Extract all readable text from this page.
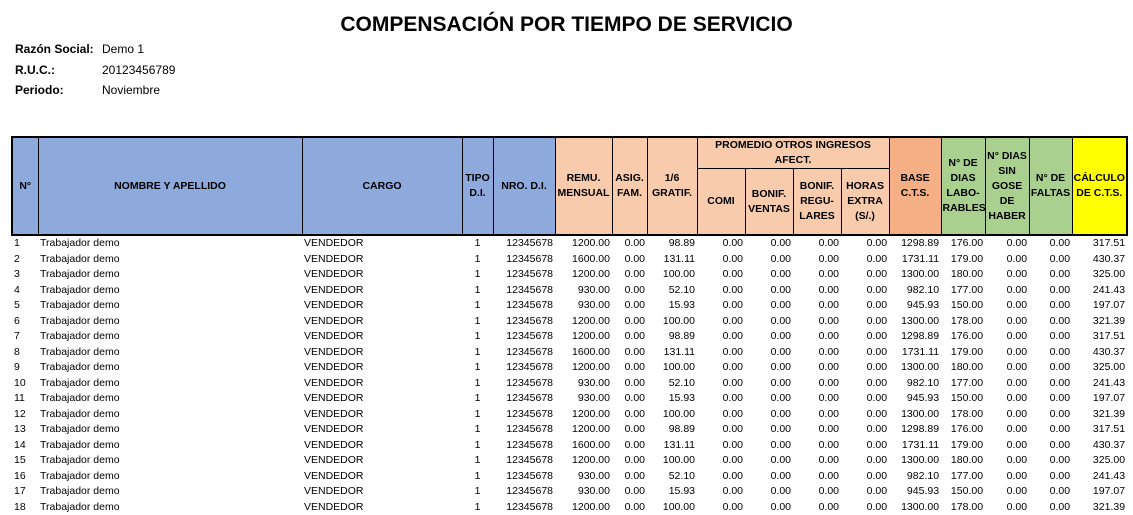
COMPENSACIÓN POR TIEMPO DE SERVICIO
Razón Social: Demo 1
R.U.C.:	20123456789
Periodo:	Noviembre
N°	NOMBRE Y APELLIDO	CARGO	TIPO D.I.	NRO. D.I.	REMU. MENSUAL	ASIG. FAM.	1/6 GRATIF.	PROMEDIO OTROS INGRESOS AFECT.				BASE C.T.S.	N° DE DIAS LABO- RABLES	N° DIAS SIN GOSE DE HABER	N° DE FALTAS	CÁLCULO DE C.T.S.
								COMI	BONIF. VENTAS	BONIF. REGU- LARES	HORAS EXTRA (S/.)					
1	Trabajador demo	VENDEDOR	1	12345678	1200.00	0.00	98.89	0.00	0.00	0.00	0.00	1298.89	176.00	0.00	0.00	317.51
2	Trabajador demo	VENDEDOR	1	12345678	1600.00	0.00	131.11	0.00	0.00	0.00	0.00	1731.11	179.00	0.00	0.00	430.37
3	Trabajador demo	VENDEDOR	1	12345678	1200.00	0.00	100.00	0.00	0.00	0.00	0.00	1300.00	180.00	0.00	0.00	325.00
4	Trabajador demo	VENDEDOR	1	12345678	930.00	0.00	52.10	0.00	0.00	0.00	0.00	982.10	177.00	0.00	0.00	241.43
5	Trabajador demo	VENDEDOR	1	12345678	930.00	0.00	15.93	0.00	0.00	0.00	0.00	945.93	150.00	0.00	0.00	197.07
6	Trabajador demo	VENDEDOR	1	12345678	1200.00	0.00	100.00	0.00	0.00	0.00	0.00	1300.00	178.00	0.00	0.00	321.39
7	Trabajador demo	VENDEDOR	1	12345678	1200.00	0.00	98.89	0.00	0.00	0.00	0.00	1298.89	176.00	0.00	0.00	317.51
8	Trabajador demo	VENDEDOR	1	12345678	1600.00	0.00	131.11	0.00	0.00	0.00	0.00	1731.11	179.00	0.00	0.00	430.37
9	Trabajador demo	VENDEDOR	1	12345678	1200.00	0.00	100.00	0.00	0.00	0.00	0.00	1300.00	180.00	0.00	0.00	325.00
10	Trabajador demo	VENDEDOR	1	12345678	930.00	0.00	52.10	0.00	0.00	0.00	0.00	982.10	177.00	0.00	0.00	241.43
11	Trabajador demo	VENDEDOR	1	12345678	930.00	0.00	15.93	0.00	0.00	0.00	0.00	945.93	150.00	0.00	0.00	197.07
12	Trabajador demo	VENDEDOR	1	12345678	1200.00	0.00	100.00	0.00	0.00	0.00	0.00	1300.00	178.00	0.00	0.00	321.39
13	Trabajador demo	VENDEDOR	1	12345678	1200.00	0.00	98.89	0.00	0.00	0.00	0.00	1298.89	176.00	0.00	0.00	317.51
14	Trabajador demo	VENDEDOR	1	12345678	1600.00	0.00	131.11	0.00	0.00	0.00	0.00	1731.11	179.00	0.00	0.00	430.37
15	Trabajador demo	VENDEDOR	1	12345678	1200.00	0.00	100.00	0.00	0.00	0.00	0.00	1300.00	180.00	0.00	0.00	325.00
16	Trabajador demo	VENDEDOR	1	12345678	930.00	0.00	52.10	0.00	0.00	0.00	0.00	982.10	177.00	0.00	0.00	241.43
17	Trabajador demo	VENDEDOR	1	12345678	930.00	0.00	15.93	0.00	0.00	0.00	0.00	945.93	150.00	0.00	0.00	197.07
18	Trabajador demo	VENDEDOR	1	12345678	1200.00	0.00	100.00	0.00	0.00	0.00	0.00	1300.00	178.00	0.00	0.00	321.39
